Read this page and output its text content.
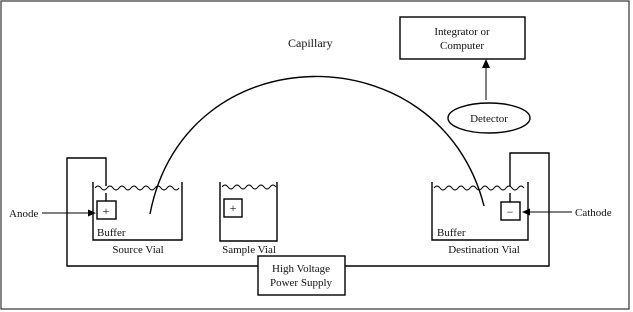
Capillary
Integrator or
Computer
Detector
+
Buffer
Source Vial
Anode	+
Sample Vial
−
Buffer
Destination Vial
Cathode
High Voltage
Power Supply
